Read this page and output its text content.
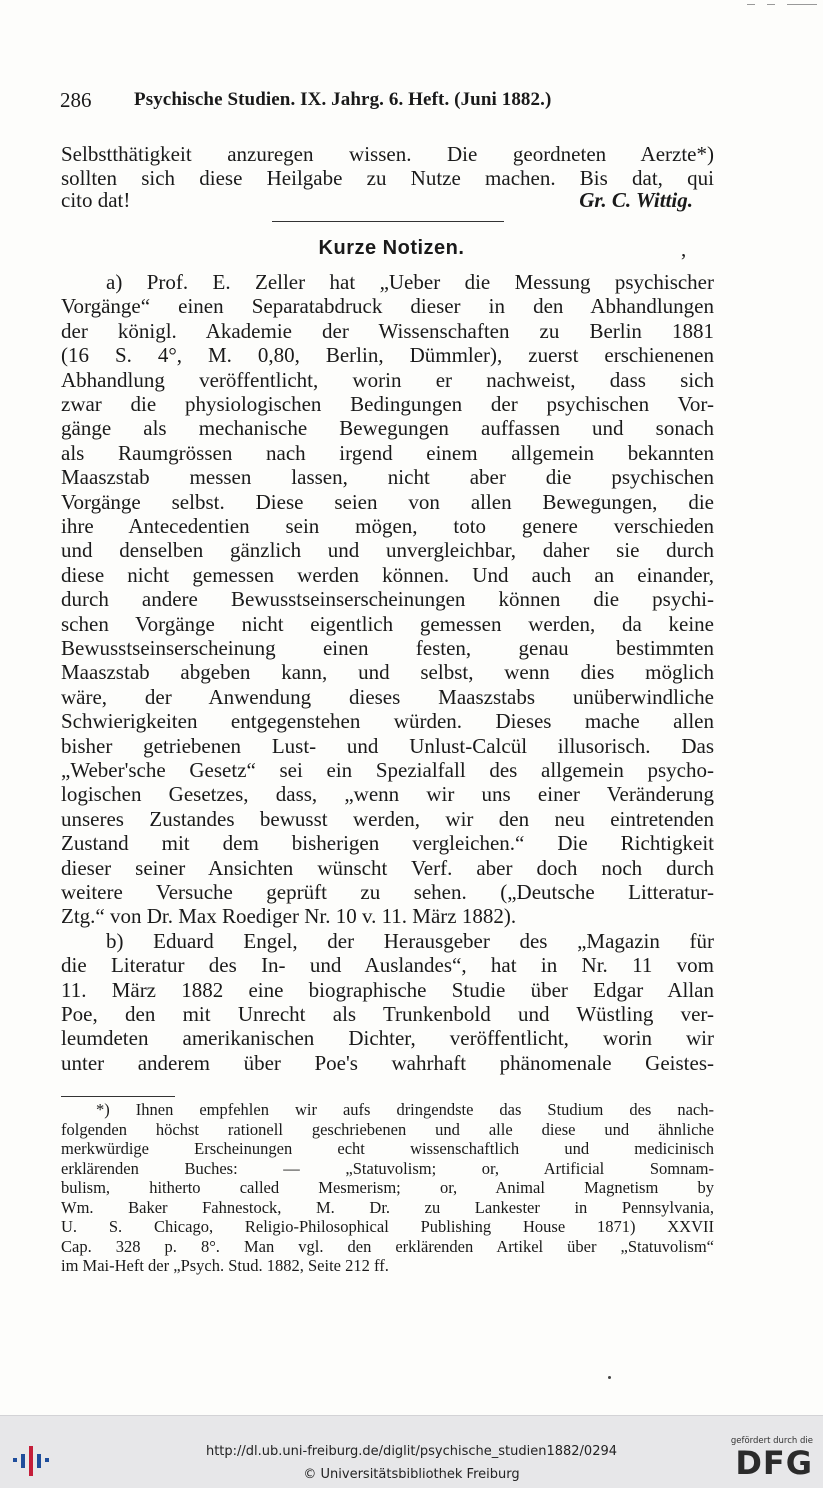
286 Psychische Studien. IX. Jahrg. 6. Heft. (Juni 1882.)
Selbstthätigkeit anzuregen wissen. Die geordneten Aerzte*)
sollten sich diese Heilgabe zu Nutze machen. Bis dat, qui
cito dat!	Gr. C. Wittig.
Kurze Notizen.	,
a) Prof. E. Zeller hat „Ueber die Messung psychischer
Vorgänge“ einen Separatabdruck dieser in den Abhandlungen
der königl. Akademie der Wissenschaften zu Berlin 1881
(16 S. 4°, M. 0,80, Berlin, Dümmler), zuerst erschienenen
Abhandlung veröffentlicht, worin er nachweist, dass sich
zwar die physiologischen Bedingungen der psychischen Vor-
gänge als mechanische Bewegungen auffassen und sonach
als Raumgrössen nach irgend einem allgemein bekannten
Maaszstab messen lassen, nicht aber die psychischen
Vorgänge selbst. Diese seien von allen Bewegungen, die
ihre Antecedentien sein mögen, toto genere verschieden
und denselben gänzlich und unvergleichbar, daher sie durch
diese nicht gemessen werden können. Und auch an einander,
durch andere Bewusstseinserscheinungen können die psychi-
schen Vorgänge nicht eigentlich gemessen werden, da keine
Bewusstseinserscheinung einen festen, genau bestimmten
Maaszstab abgeben kann, und selbst, wenn dies möglich
wäre, der Anwendung dieses Maaszstabs unüberwindliche
Schwierigkeiten entgegenstehen würden. Dieses mache allen
bisher getriebenen Lust- und Unlust-Calcül illusorisch. Das
„Weber'sche Gesetz“ sei ein Spezialfall des allgemein psycho-
logischen Gesetzes, dass, „wenn wir uns einer Veränderung
unseres Zustandes bewusst werden, wir den neu eintretenden
Zustand mit dem bisherigen vergleichen.“ Die Richtigkeit
dieser seiner Ansichten wünscht Verf. aber doch noch durch
weitere Versuche geprüft zu sehen. („Deutsche Litteratur-
Ztg.“ von Dr. Max Roediger Nr. 10 v. 11. März 1882).
b) Eduard Engel, der Herausgeber des „Magazin für
die Literatur des In- und Auslandes“, hat in Nr. 11 vom
11. März 1882 eine biographische Studie über Edgar Allan
Poe, den mit Unrecht als Trunkenbold und Wüstling ver-
leumdeten amerikanischen Dichter, veröffentlicht, worin wir
unter anderem über Poe's wahrhaft phänomenale Geistes-
*) Ihnen empfehlen wir aufs dringendste das Studium des nach-
folgenden höchst rationell geschriebenen und alle diese und ähnliche
merkwürdige Erscheinungen echt wissenschaftlich und medicinisch
erklärenden Buches: — „Statuvolism; or, Artificial Somnam-
bulism, hitherto called Mesmerism; or, Animal Magnetism by
Wm. Baker Fahnestock, M. Dr. zu Lankester in Pennsylvania,
U. S. Chicago, Religio-Philosophical Publishing House 1871) XXVII
Cap. 328 p. 8°. Man vgl. den erklärenden Artikel über „Statuvolism“
im Mai-Heft der „Psych. Stud. 1882, Seite 212 ff.
http://dl.ub.uni-freiburg.de/diglit/psychische_studien1882/0294
© Universitätsbibliothek Freiburg
gefördert durch die
DFG
